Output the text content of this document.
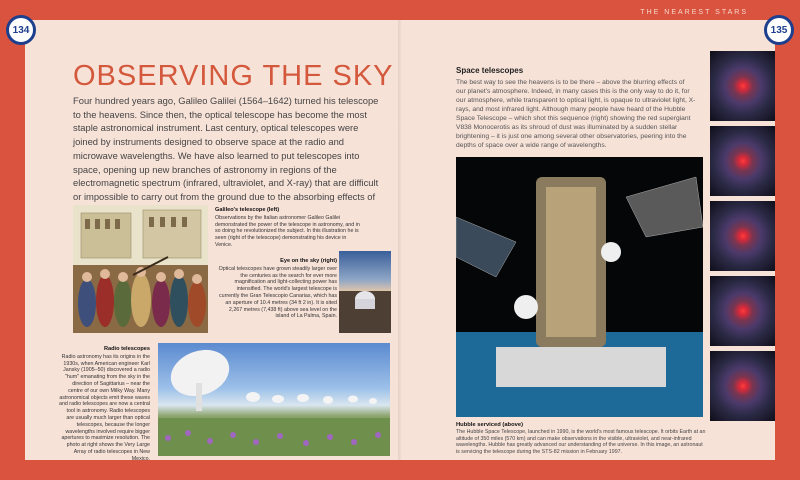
OBSERVING THE SKY

Four hundred years ago, Galileo Galilei (1564–1642) turned his telescope to the heavens. Since then, the optical telescope has become the most staple astronomical instrument. Last century, optical telescopes were joined by instruments designed to observe space at the radio and microwave wavelengths. We have also learned to put telescopes into space, opening up new branches of astronomy in regions of the electromagnetic spectrum (infrared, ultraviolet, and X-ray) that are difficult or impossible to carry out from the ground due to the absorbing effects of

Galileo's telescope (left)
Observations by the Italian astronomer Galileo Galilei demonstrated the power of the telescope in astronomy, and in so doing he revolutionized the subject. In this illustration he is seen (right of the telescope) demonstrating his device in Venice.
Eye on the sky (right)
Optical telescopes have grown steadily larger over the centuries as the search for ever more magnification and light-collecting power has intensified. The world's largest telescope is currently the Gran Telescopio Canarias, which has an aperture of 10.4 metres (34 ft 2 in). It is sited 2,267 metres (7,438 ft) above sea level on the island of La Palma, Spain.
Radio telescopes
Radio astronomy has its origins in the 1930s, when American engineer Karl Jansky (1905–50) discovered a radio "hum" emanating from the sky in the direction of Sagittarius – near the centre of our own Milky Way. Many astronomical objects emit these waves and radio telescopes are now a central tool in astronomy. Radio telescopes are usually much larger than optical telescopes, because the longer wavelengths involved require bigger apertures to maximize resolution. The photo at right shows the Very Large Array of radio telescopes in New Mexico.
Space telescopes

The best way to see the heavens is to be there – above the blurring effects of our planet's atmosphere. Indeed, in many cases this is the only way to do it, for our atmosphere, while transparent to optical light, is opaque to ultraviolet light, X-rays, and most infrared light. Although many people have heard of the Hubble Space Telescope – which shot this sequence (right) showing the red supergiant V838 Monocerotis as its shroud of dust was illuminated by a sudden stellar brightening – it is just one among several other observatories, peering into the depths of space over a wide range of wavelengths.

Hubble serviced (above)

The Hubble Space Telescope, launched in 1990, is the world's most famous telescope. It orbits Earth at an altitude of 350 miles (570 km) and can make observations in the visible, ultraviolet, and near-infrared wavelengths. Hubble has greatly advanced our understanding of the universe. In this image, an astronaut is servicing the telescope during the STS-82 mission in February 1997.

THE NEAREST STARS
134	135
